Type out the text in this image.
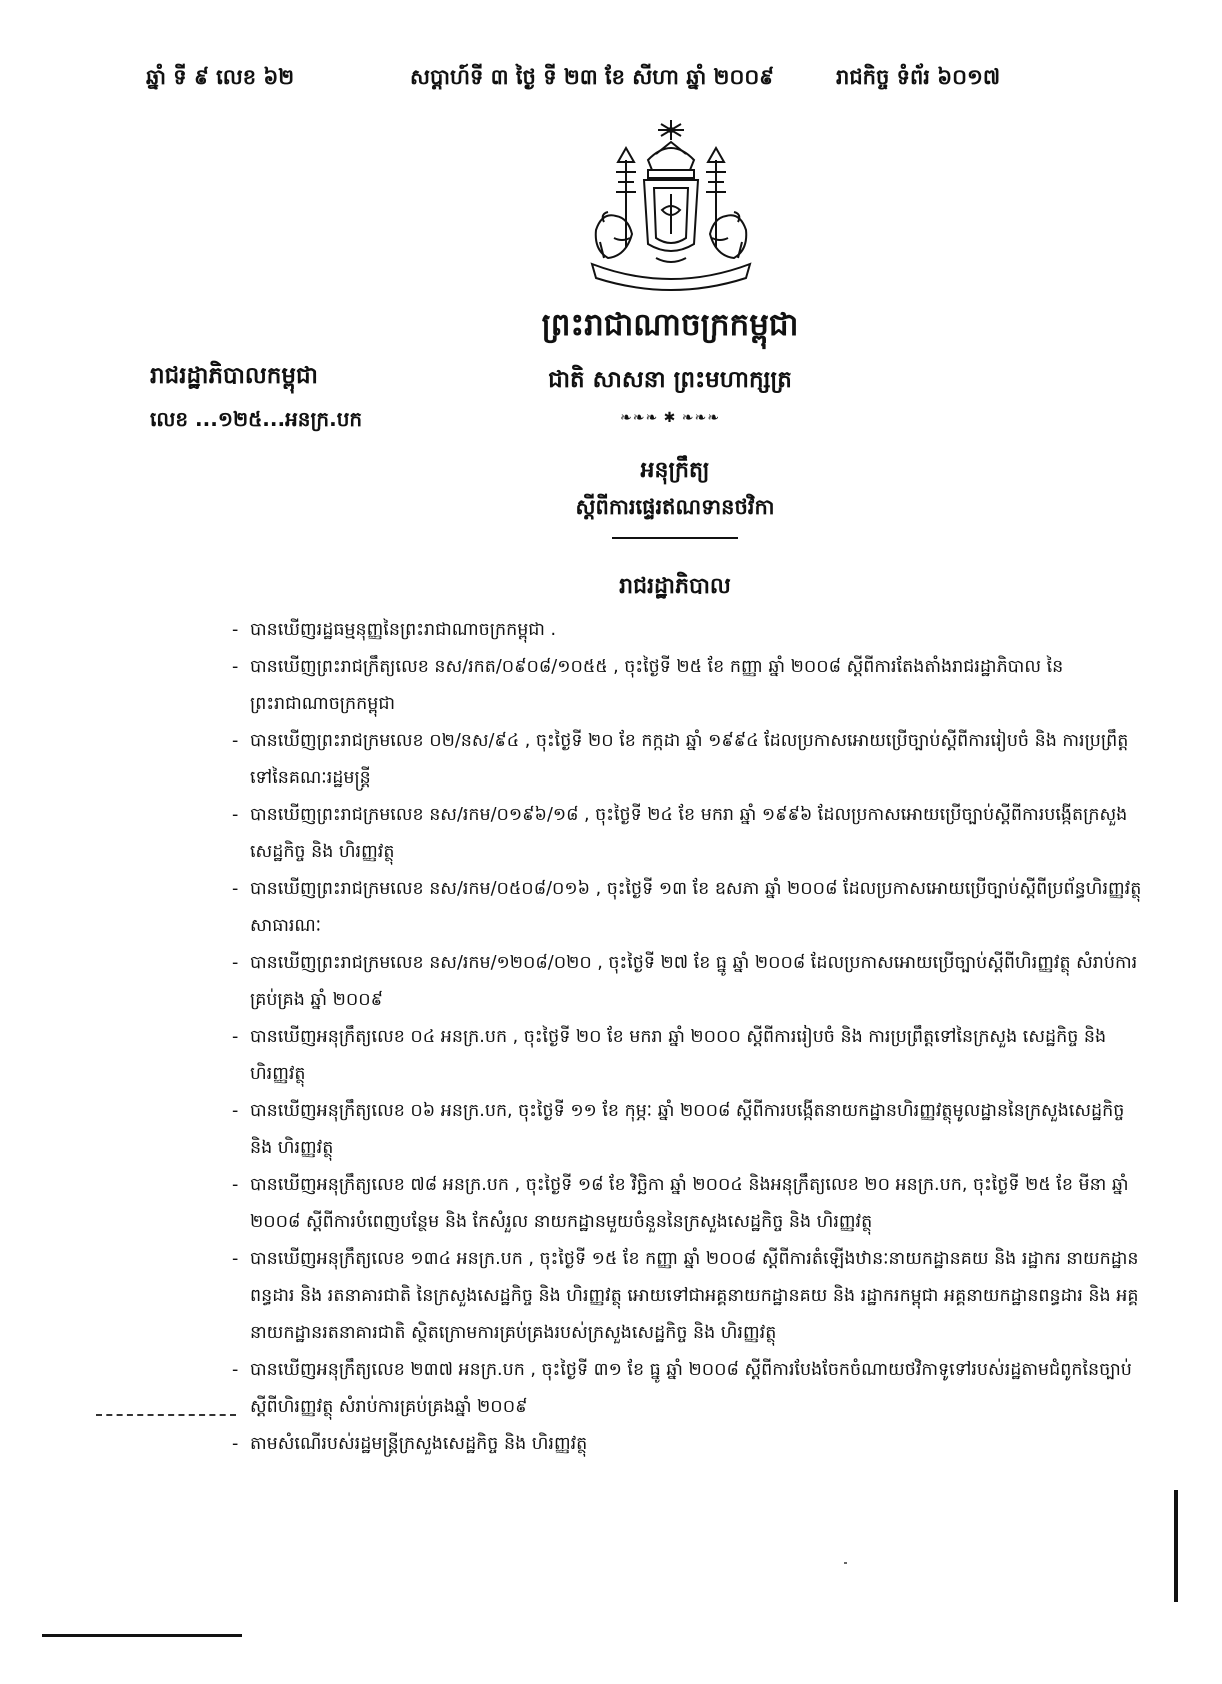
ឆ្នាំ ទី ៩ លេខ ៦២	សប្តាហ៍ទី ៣ ថ្ងៃ ទី ២៣ ខែ សីហា ឆ្នាំ ២០០៩	រាជកិច្ច ទំព័រ ៦០១៧
ព្រះរាជាណាចក្រកម្ពុជា
ជាតិ សាសនា ព្រះមហាក្សត្រ
❧❧❧ ✱ ❧❧❧
រាជរដ្ឋាភិបាលកម្ពុជា
លេខ ...១២៥...អនក្រ.បក
អនុក្រឹត្យ
ស្តីពីការផ្ទេរឥណទានថវិកា
រាជរដ្ឋាភិបាល
- បានឃើញរដ្ឋធម្មនុញ្ញនៃព្រះរាជាណាចក្រកម្ពុជា .
- បានឃើញព្រះរាជក្រឹត្យលេខ នស/រកត/០៩០៨/១០៥៥ , ចុះថ្ងៃទី ២៥ ខែ កញ្ញា ឆ្នាំ ២០០៨ ស្តីពីការតែងតាំងរាជរដ្ឋាភិបាល នៃព្រះរាជាណាចក្រកម្ពុជា
- បានឃើញព្រះរាជក្រមលេខ ០២/នស/៩៤ , ចុះថ្ងៃទី ២០ ខែ កក្កដា ឆ្នាំ ១៩៩៤ ដែលប្រកាសអោយប្រើច្បាប់ស្តីពីការរៀបចំ និង ការប្រព្រឹត្តទៅនៃគណៈរដ្ឋមន្ត្រី
- បានឃើញព្រះរាជក្រមលេខ នស/រកម/០១៩៦/១៨ , ចុះថ្ងៃទី ២៤ ខែ មករា ឆ្នាំ ១៩៩៦ ដែលប្រកាសអោយប្រើច្បាប់ស្តីពីការបង្កើតក្រសួងសេដ្ឋកិច្ច និង ហិរញ្ញវត្ថុ
- បានឃើញព្រះរាជក្រមលេខ នស/រកម/០៥០៨/០១៦ , ចុះថ្ងៃទី ១៣ ខែ ឧសភា ឆ្នាំ ២០០៨ ដែលប្រកាសអោយប្រើច្បាប់ស្តីពីប្រព័ន្ធហិរញ្ញវត្ថុសាធារណៈ
- បានឃើញព្រះរាជក្រមលេខ នស/រកម/១២០៨/០២០ , ចុះថ្ងៃទី ២៧ ខែ ធ្នូ ឆ្នាំ ២០០៨ ដែលប្រកាសអោយប្រើច្បាប់ស្តីពីហិរញ្ញវត្ថុ សំរាប់ការគ្រប់គ្រង ឆ្នាំ ២០០៩
- បានឃើញអនុក្រឹត្យលេខ ០៤ អនក្រ.បក , ចុះថ្ងៃទី ២០ ខែ មករា ឆ្នាំ ២០០០ ស្តីពីការរៀបចំ និង ការប្រព្រឹត្តទៅនៃក្រសួង សេដ្ឋកិច្ច និង ហិរញ្ញវត្ថុ
- បានឃើញអនុក្រឹត្យលេខ ០៦ អនក្រ.បក, ចុះថ្ងៃទី ១១ ខែ កុម្ភៈ ឆ្នាំ ២០០៨ ស្តីពីការបង្កើតនាយកដ្ឋានហិរញ្ញវត្ថុមូលដ្ឋាននៃក្រសួងសេដ្ឋកិច្ច និង ហិរញ្ញវត្ថុ
- បានឃើញអនុក្រឹត្យលេខ ៧៨ អនក្រ.បក , ចុះថ្ងៃទី ១៨ ខែ វិច្ឆិកា ឆ្នាំ ២០០៤ និងអនុក្រឹត្យលេខ ២០ អនក្រ.បក, ចុះថ្ងៃទី ២៥ ខែ មីនា ឆ្នាំ ២០០៨ ស្តីពីការបំពេញបន្ថែម និង កែសំរួល នាយកដ្ឋានមួយចំនួននៃក្រសួងសេដ្ឋកិច្ច និង ហិរញ្ញវត្ថុ
- បានឃើញអនុក្រឹត្យលេខ ១៣៤ អនក្រ.បក , ចុះថ្ងៃទី ១៥ ខែ កញ្ញា ឆ្នាំ ២០០៨ ស្តីពីការតំឡើងឋានៈនាយកដ្ឋានគយ និង រដ្ឋាករ នាយកដ្ឋានពន្ធដារ និង រតនាគារជាតិ នៃក្រសួងសេដ្ឋកិច្ច និង ហិរញ្ញវត្ថុ អោយទៅជាអគ្គនាយកដ្ឋានគយ និង រដ្ឋាករកម្ពុជា អគ្គនាយកដ្ឋានពន្ធដារ និង អគ្គនាយកដ្ឋានរតនាគារជាតិ ស្ថិតក្រោមការគ្រប់គ្រងរបស់ក្រសួងសេដ្ឋកិច្ច និង ហិរញ្ញវត្ថុ
- បានឃើញអនុក្រឹត្យលេខ ២៣៧ អនក្រ.បក , ចុះថ្ងៃទី ៣១ ខែ ធ្នូ ឆ្នាំ ២០០៨ ស្តីពីការបែងចែកចំណាយថវិកាទូទៅរបស់រដ្ឋតាមជំពូកនៃច្បាប់ស្តីពីហិរញ្ញវត្ថុ សំរាប់ការគ្រប់គ្រងឆ្នាំ ២០០៩
- តាមសំណើរបស់រដ្ឋមន្ត្រីក្រសួងសេដ្ឋកិច្ច និង ហិរញ្ញវត្ថុ
